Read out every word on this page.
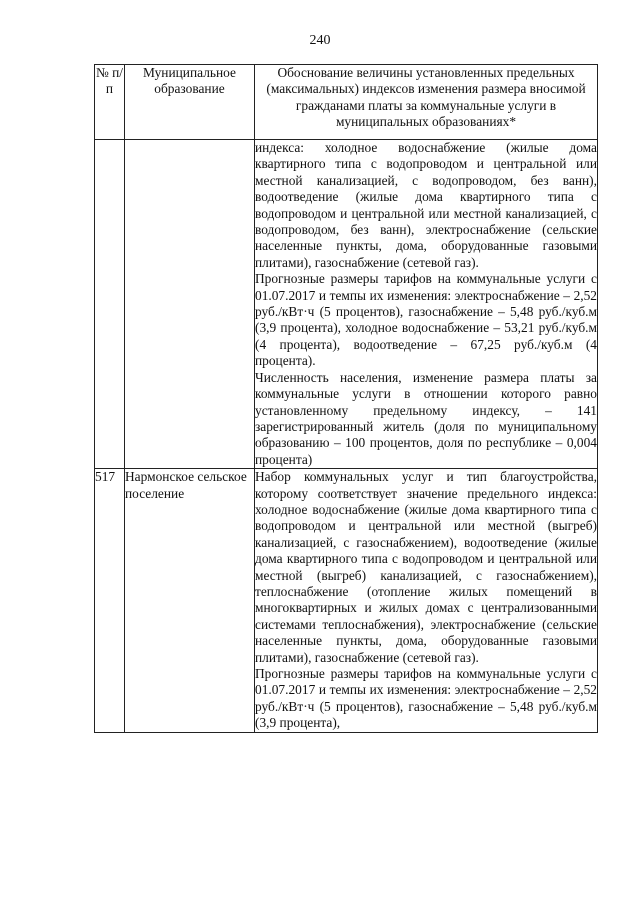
240
№ п/п	Муниципальное образование	Обоснование величины установленных предельных (максимальных) индексов изменения размера вносимой гражданами платы за коммунальные услуги в муниципальных образованиях*

		индекса: холодное водоснабжение (жилые дома квартирного типа с водопроводом и центральной или местной канализацией, с водопроводом, без ванн), водоотведение (жилые дома квартирного типа с водопроводом и центральной или местной канализацией, с водопроводом, без ванн), электроснабжение (сельские населенные пункты, дома, оборудованные газовыми плитами), газоснабжение (сетевой газ).
Прогнозные размеры тарифов на коммунальные услуги с 01.07.2017 и темпы их изменения: электроснабжение – 2,52 руб./кВт·ч (5 процентов), газоснабжение – 5,48 руб./куб.м (3,9 процента), холодное водоснабжение – 53,21 руб./куб.м (4 процента), водоотведение – 67,25 руб./куб.м (4 процента).
Численность населения, изменение размера платы за коммунальные услуги в отношении которого равно установленному предельному индексу, – 141 зарегистрированный житель (доля по муниципальному образованию – 100 процентов, доля по республике – 0,004 процента)

517	Нармонское сельское поселение	Набор коммунальных услуг и тип благоустройства, которому соответствует значение предельного индекса: холодное водоснабжение (жилые дома квартирного типа с водопроводом и центральной или местной (выгреб) канализацией, с газоснабжением), водоотведение (жилые дома квартирного типа с водопроводом и центральной или местной (выгреб) канализацией, с газоснабжением), теплоснабжение (отопление жилых помещений в многоквартирных и жилых домах с централизованными системами теплоснабжения), электроснабжение (сельские населенные пункты, дома, оборудованные газовыми плитами), газоснабжение (сетевой газ).
Прогнозные размеры тарифов на коммунальные услуги с 01.07.2017 и темпы их изменения: электроснабжение – 2,52 руб./кВт·ч (5 процентов), газоснабжение – 5,48 руб./куб.м (3,9 процента),
